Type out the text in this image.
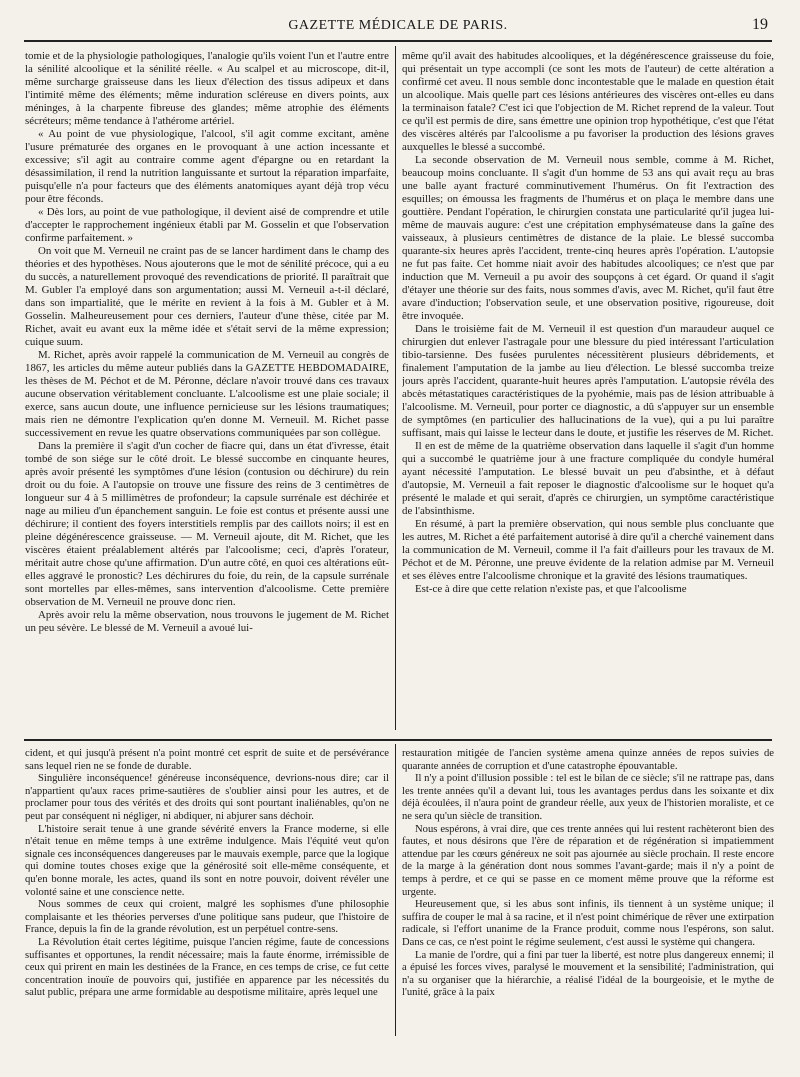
GAZETTE MÉDICALE DE PARIS.	19

tomie et de la physiologie pathologiques, l'analogie qu'ils voient l'un et l'autre entre la sénilité alcoolique et la sénilité réelle. « Au scalpel et au microscope, dit-il, même surcharge graisseuse dans les lieux d'élection des tissus adipeux et dans l'intimité même des éléments; même induration scléreuse en divers points, aux méninges, à la charpente fibreuse des glandes; même atrophie des éléments sécréteurs; même tendance à l'athérome artériel.

« Au point de vue physiologique, l'alcool, s'il agit comme excitant, amène l'usure prématurée des organes en le provoquant à une action incessante et excessive; s'il agit au contraire comme agent d'épargne ou en retardant la désassimilation, il rend la nutrition languissante et surtout la réparation imparfaite, puisqu'elle n'a pour facteurs que des éléments anatomiques ayant déjà trop vécu pour être féconds.

« Dès lors, au point de vue pathologique, il devient aisé de comprendre et utile d'accepter le rapprochement ingénieux établi par M. Gosselin et que l'observation confirme parfaitement. »

On voit que M. Verneuil ne craint pas de se lancer hardiment dans le champ des théories et des hypothèses. Nous ajouterons que le mot de sénilité précoce, qui a eu du succès, a naturellement provoqué des revendications de priorité. Il paraîtrait que M. Gubler l'a employé dans son argumentation; aussi M. Verneuil a-t-il déclaré, dans son impartialité, que le mérite en revient à la fois à M. Gubler et à M. Gosselin. Malheureusement pour ces derniers, l'auteur d'une thèse, citée par M. Richet, avait eu avant eux la même idée et s'était servi de la même expression; cuique suum.

M. Richet, après avoir rappelé la communication de M. Verneuil au congrès de 1867, les articles du même auteur publiés dans la GAZETTE HEBDOMADAIRE, les thèses de M. Péchot et de M. Péronne, déclare n'avoir trouvé dans ces travaux aucune observation véritablement concluante. L'alcoolisme est une plaie sociale; il exerce, sans aucun doute, une influence pernicieuse sur les lésions traumatiques; mais rien ne démontre l'explication qu'en donne M. Verneuil. M. Richet passe successivement en revue les quatre observations communiquées par son collègue.

Dans la première il s'agit d'un cocher de fiacre qui, dans un état d'ivresse, était tombé de son siége sur le côté droit. Le blessé succombe en cinquante heures, après avoir présenté les symptômes d'une lésion (contusion ou déchirure) du rein droit ou du foie. A l'autopsie on trouve une fissure des reins de 3 centimètres de longueur sur 4 à 5 millimètres de profondeur; la capsule surrénale est déchirée et nage au milieu d'un épanchement sanguin. Le foie est contus et présente aussi une déchirure; il contient des foyers interstitiels remplis par des caillots noirs; il est en pleine dégénérescence graisseuse. — M. Verneuil ajoute, dit M. Richet, que les viscères étaient préalablement altérés par l'alcoolisme; ceci, d'après l'orateur, méritait autre chose qu'une affirmation. D'un autre côté, en quoi ces altérations eût-elles aggravé le pronostic? Les déchirures du foie, du rein, de la capsule surrénale sont mortelles par elles-mêmes, sans intervention d'alcoolisme. Cette première observation de M. Verneuil ne prouve donc rien.

Après avoir relu la même observation, nous trouvons le jugement de M. Richet un peu sévère. Le blessé de M. Verneuil a avoué lui-

même qu'il avait des habitudes alcooliques, et la dégénérescence graisseuse du foie, qui présentait un type accompli (ce sont les mots de l'auteur) de cette altération a confirmé cet aveu. Il nous semble donc incontestable que le malade en question était un alcoolique. Mais quelle part ces lésions antérieures des viscères ont-elles eu dans la terminaison fatale? C'est ici que l'objection de M. Richet reprend de la valeur. Tout ce qu'il est permis de dire, sans émettre une opinion trop hypothétique, c'est que l'état des viscères altérés par l'alcoolisme a pu favoriser la production des lésions graves auxquelles le blessé a succombé.

La seconde observation de M. Verneuil nous semble, comme à M. Richet, beaucoup moins concluante. Il s'agit d'un homme de 53 ans qui avait reçu au bras une balle ayant fracturé comminutivement l'humérus. On fit l'extraction des esquilles; on émoussa les fragments de l'humérus et on plaça le membre dans une gouttière. Pendant l'opération, le chirurgien constata une particularité qu'il jugea lui-même de mauvais augure: c'est une crépitation emphysémateuse dans la gaîne des vaisseaux, à plusieurs centimètres de distance de la plaie. Le blessé succomba quarante-six heures après l'accident, trente-cinq heures après l'opération. L'autopsie ne fut pas faite. Cet homme niait avoir des habitudes alcooliques; ce n'est que par induction que M. Verneuil a pu avoir des soupçons à cet égard. Or quand il s'agit d'étayer une théorie sur des faits, nous sommes d'avis, avec M. Richet, qu'il faut être avare d'induction; l'observation seule, et une observation positive, rigoureuse, doit être invoquée.

Dans le troisième fait de M. Verneuil il est question d'un maraudeur auquel ce chirurgien dut enlever l'astragale pour une blessure du pied intéressant l'articulation tibio-tarsienne. Des fusées purulentes nécessitèrent plusieurs débridements, et finalement l'amputation de la jambe au lieu d'élection. Le blessé succomba treize jours après l'accident, quarante-huit heures après l'amputation. L'autopsie révéla des abcès métastatiques caractéristiques de la pyohémie, mais pas de lésion attribuable à l'alcoolisme. M. Verneuil, pour porter ce diagnostic, a dû s'appuyer sur un ensemble de symptômes (en particulier des hallucinations de la vue), qui a pu lui paraître suffisant, mais qui laisse le lecteur dans le doute, et justifie les réserves de M. Richet.

Il en est de même de la quatrième observation dans laquelle il s'agit d'un homme qui a succombé le quatrième jour à une fracture compliquée du condyle huméral ayant nécessité l'amputation. Le blessé buvait un peu d'absinthe, et à défaut d'autopsie, M. Verneuil a fait reposer le diagnostic d'alcoolisme sur le hoquet qu'a présenté le malade et qui serait, d'après ce chirurgien, un symptôme caractéristique de l'absinthisme.

En résumé, à part la première observation, qui nous semble plus concluante que les autres, M. Richet a été parfaitement autorisé à dire qu'il a cherché vainement dans la communication de M. Verneuil, comme il l'a fait d'ailleurs pour les travaux de M. Péchot et de M. Péronne, une preuve évidente de la relation admise par M. Verneuil et ses élèves entre l'alcoolisme chronique et la gravité des lésions traumatiques.

Est-ce à dire que cette relation n'existe pas, et que l'alcoolisme

cident, et qui jusqu'à présent n'a point montré cet esprit de suite et de persévérance sans lequel rien ne se fonde de durable.

Singulière inconséquence! généreuse inconséquence, devrions-nous dire; car il n'appartient qu'aux races prime-sautières de s'oublier ainsi pour les autres, et de proclamer pour tous des vérités et des droits qui sont pourtant inaliénables, qu'on ne peut par conséquent ni négliger, ni abdiquer, ni abjurer sans déchoir.

L'histoire serait tenue à une grande sévérité envers la France moderne, si elle n'était tenue en même temps à une extrême indulgence. Mais l'équité veut qu'on signale ces inconséquences dangereuses par le mauvais exemple, parce que la logique qui domine toutes choses exige que la générosité soit elle-même conséquente, et qu'en bonne morale, les actes, quand ils sont en notre pouvoir, doivent révéler une volonté saine et une conscience nette.

Nous sommes de ceux qui croient, malgré les sophismes d'une philosophie complaisante et les théories perverses d'une politique sans pudeur, que l'histoire de France, depuis la fin de la grande révolution, est un perpétuel contre-sens.

La Révolution était certes légitime, puisque l'ancien régime, faute de concessions suffisantes et opportunes, la rendit nécessaire; mais la faute énorme, irrémissible de ceux qui prirent en main les destinées de la France, en ces temps de crise, ce fut cette concentration inouïe de pouvoirs qui, justifiée en apparence par les nécessités du salut public, prépara une arme formidable au despotisme militaire, après lequel une

restauration mitigée de l'ancien système amena quinze années de repos suivies de quarante années de corruption et d'une catastrophe épouvantable.

Il n'y a point d'illusion possible : tel est le bilan de ce siècle; s'il ne rattrape pas, dans les trente années qu'il a devant lui, tous les avantages perdus dans les soixante et dix déjà écoulées, il n'aura point de grandeur réelle, aux yeux de l'historien moraliste, et ce ne sera qu'un siècle de transition.

Nous espérons, à vrai dire, que ces trente années qui lui restent rachèteront bien des fautes, et nous désirons que l'ère de réparation et de régénération si impatiemment attendue par les cœurs généreux ne soit pas ajournée au siècle prochain. Il reste encore de la marge à la génération dont nous sommes l'avant-garde; mais il n'y a point de temps à perdre, et ce qui se passe en ce moment même prouve que la réforme est urgente.

Heureusement que, si les abus sont infinis, ils tiennent à un système unique; il suffira de couper le mal à sa racine, et il n'est point chimérique de rêver une extirpation radicale, si l'effort unanime de la France produit, comme nous l'espérons, son salut. Dans ce cas, ce n'est point le régime seulement, c'est aussi le système qui changera.

La manie de l'ordre, qui a fini par tuer la liberté, est notre plus dangereux ennemi; il a épuisé les forces vives, paralysé le mouvement et la sensibilité; l'administration, qui n'a su organiser que la hiérarchie, a réalisé l'idéal de la bourgeoisie, et le mythe de l'unité, grâce à la paix
